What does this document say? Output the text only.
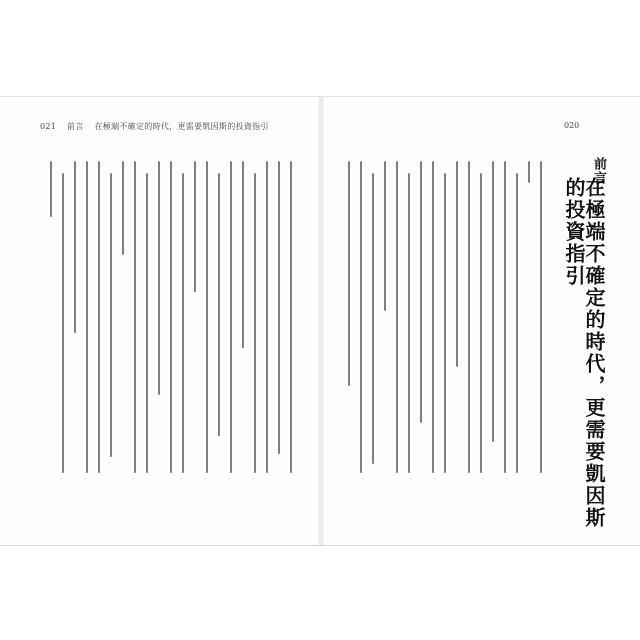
021 前言 在極端不確定的時代，更需要凱因斯的投資指引	020
前言
在極端不確定的時代，更需要凱因斯的投資指引
